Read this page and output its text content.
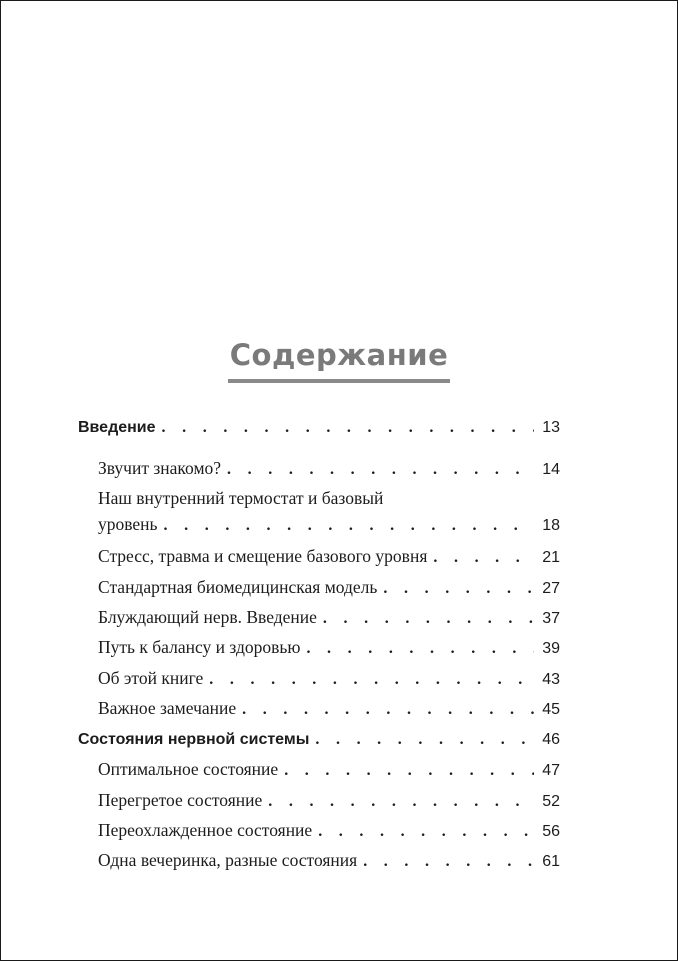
Содержание
Введение . . .	13
Звучит знакомо? . . .	14
Наш внутренний термостат и базовый
уровень . . .	18
Стресс, травма и смещение базового уровня . . .	21
Стандартная биомедицинская модель . . .	27
Блуждающий нерв. Введение . . .	37
Путь к балансу и здоровью . . .	39
Об этой книге . . .	43
Важное замечание . . .	45
Состояния нервной системы . . .	46
Оптимальное состояние . . .	47
Перегретое состояние . . .	52
Переохлажденное состояние . . .	56
Одна вечеринка, разные состояния . . .	61
